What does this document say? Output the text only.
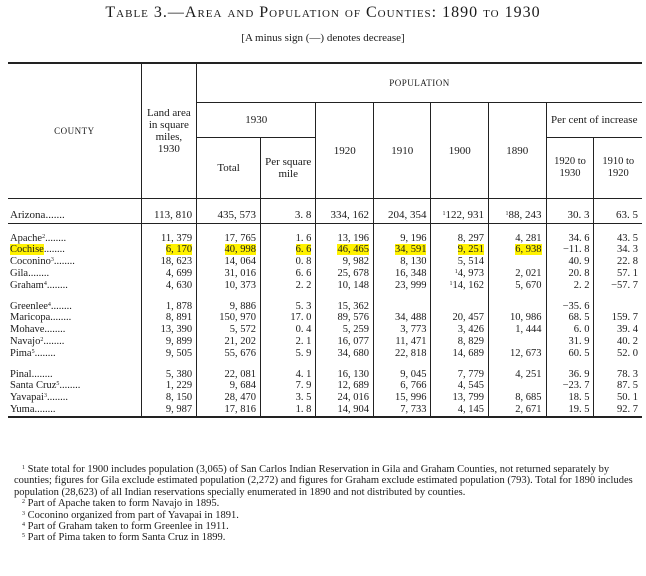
Table 3.—Area and Population of Counties: 1890 to 1930
[A minus sign (—) denotes decrease]
COUNTY	Land area in square miles, 1930	POPULATION							
		1930		1920	1910	1900	1890	Per cent of increase	
		Total	Per square mile					1920 to 1930	1910 to 1920

Arizona.......	113, 810	435, 573	3. 8	334, 162	204, 354	$^1$122, 931	$^1$88, 243	30. 3	63. 5

Apache$^2$........	11, 379	17, 765	1. 6	13, 196	9, 196	8, 297	4, 281	34. 6	43. 5
Cochise........	6, 170	40, 998	6. 6	46, 465	34, 591	9, 251	6, 938	−11. 8	34. 3
Coconino$^3$........	18, 623	14, 064	0. 8	9, 982	8, 130	5, 514		40. 9	22. 8
Gila........	4, 699	31, 016	6. 6	25, 678	16, 348	$^1$4, 973	2, 021	20. 8	57. 1
Graham$^4$........	4, 630	10, 373	2. 2	10, 148	23, 999	$^1$14, 162	5, 670	2. 2	−57. 7

Greenlee$^4$........	1, 878	9, 886	5. 3	15, 362				−35. 6	
Maricopa........	8, 891	150, 970	17. 0	89, 576	34, 488	20, 457	10, 986	68. 5	159. 7
Mohave........	13, 390	5, 572	0. 4	5, 259	3, 773	3, 426	1, 444	6. 0	39. 4
Navajo$^2$........	9, 899	21, 202	2. 1	16, 077	11, 471	8, 829		31. 9	40. 2
Pima$^5$........	9, 505	55, 676	5. 9	34, 680	22, 818	14, 689	12, 673	60. 5	52. 0

Pinal........	5, 380	22, 081	4. 1	16, 130	9, 045	7, 779	4, 251	36. 9	78. 3
Santa Cruz$^5$........	1, 229	9, 684	7. 9	12, 689	6, 766	4, 545		−23. 7	87. 5
Yavapai$^3$........	8, 150	28, 470	3. 5	24, 016	15, 996	13, 799	8, 685	18. 5	50. 1
Yuma........	9, 987	17, 816	1. 8	14, 904	7, 733	4, 145	2, 671	19. 5	92. 7

$^1$ State total for 1900 includes population (3,065) of San Carlos Indian Reservation in Gila and Graham Counties, not returned separately by counties; figures for Gila exclude estimated population (2,272) and figures for Graham exclude estimated population (793). Total for 1890 includes population (28,623) of all Indian reservations specially enumerated in 1890 and not distributed by counties.

$^2$ Part of Apache taken to form Navajo in 1895.

$^3$ Coconino organized from part of Yavapai in 1891.

$^4$ Part of Graham taken to form Greenlee in 1911.

$^5$ Part of Pima taken to form Santa Cruz in 1899.
